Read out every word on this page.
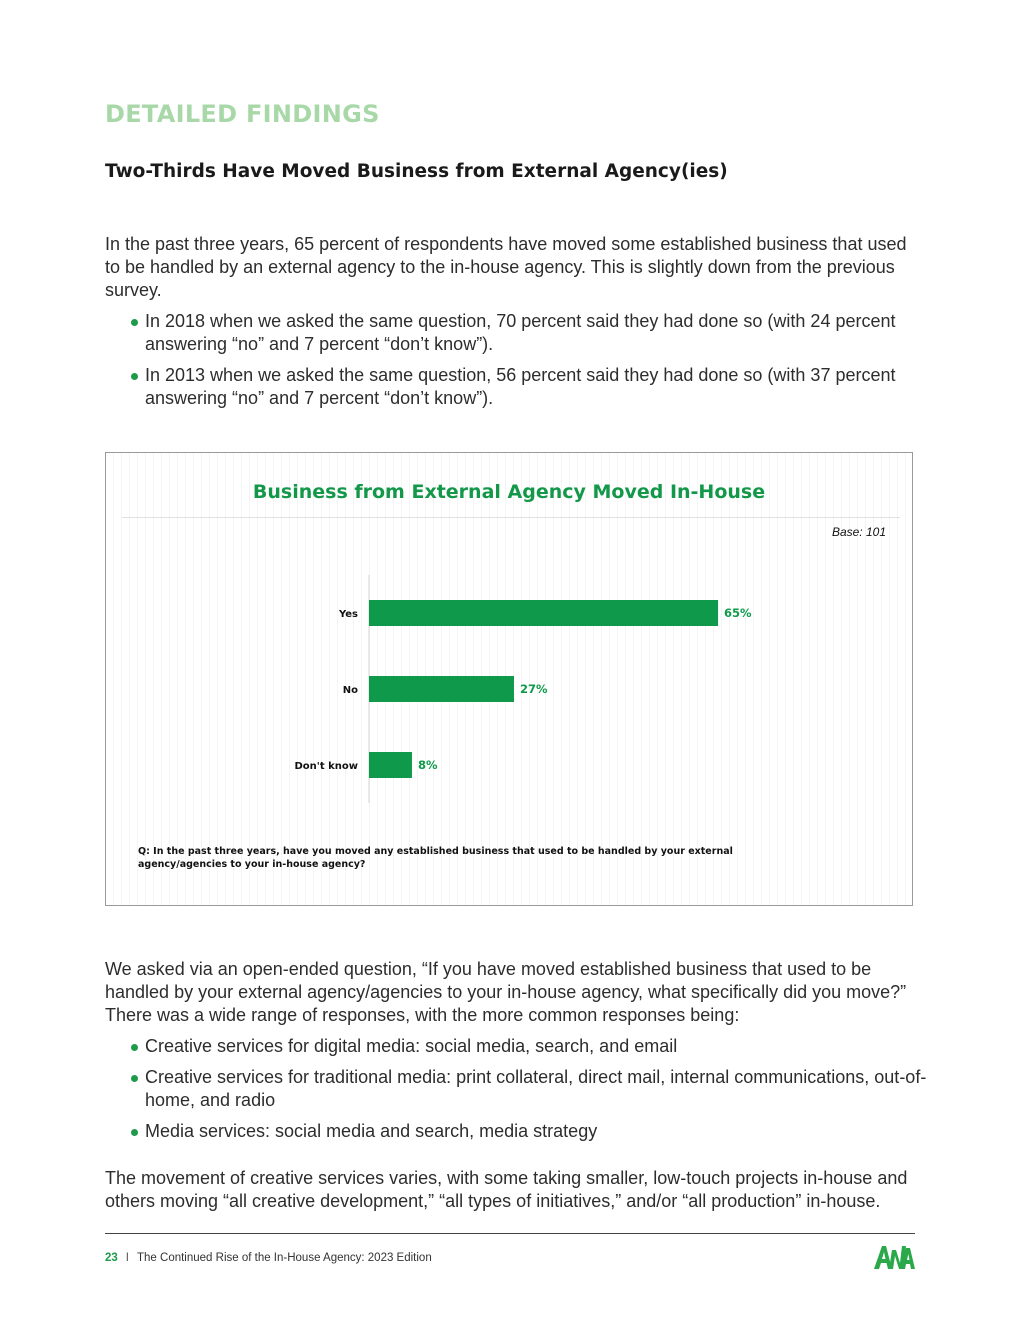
DETAILED FINDINGS
Two-Thirds Have Moved Business from External Agency(ies)

In the past three years, 65 percent of respondents have moved some established business that used to be handled by an external agency to the in-house agency. This is slightly down from the previous survey.

In 2018 when we asked the same question, 70 percent said they had done so (with 24 percent answering “no” and 7 percent “don’t know”).
In 2013 when we asked the same question, 56 percent said they had done so (with 37 percent answering “no” and 7 percent “don’t know”).
Business from External Agency Moved In-House
Base: 101
Yes	65%
No	27%
Don't know	8%
Q: In the past three years, have you moved any established business that used to be handled by your external agency/agencies to your in-house agency?

We asked via an open-ended question, “If you have moved established business that used to be handled by your external agency/agencies to your in-house agency, what specifically did you move?” There was a wide range of responses, with the more common responses being:

Creative services for digital media: social media, search, and email
Creative services for traditional media: print collateral, direct mail, internal communications, out-of-home, and radio
Media services: social media and search, media strategy

The movement of creative services varies, with some taking smaller, low-touch projects in-house and others moving “all creative development,” “all types of initiatives,” and/or “all production” in-house.

23 I The Continued Rise of the In-House Agency: 2023 Edition
